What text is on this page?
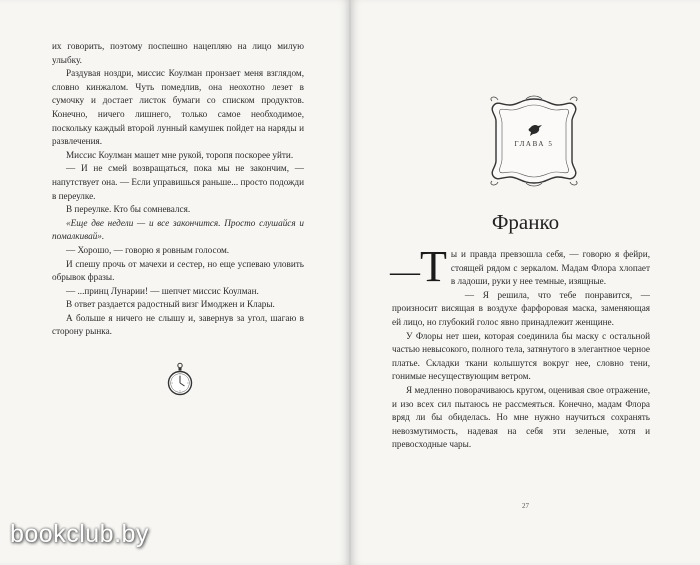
их говорить, поэтому поспешно нацепляю на лицо милую улыбку.

Раздувая ноздри, миссис Коулман пронзает меня взглядом, словно кинжалом. Чуть помедлив, она неохотно лезет в сумочку и достает листок бумаги со списком продуктов. Конечно, ничего лишнего, только самое необходимое, поскольку каждый второй лунный камушек пойдет на наряды и развлечения.

Миссис Коулман машет мне рукой, торопя поскорее уйти.

— И не смей возвращаться, пока мы не закончим, — напутствует она. — Если управишься раньше... просто подожди в переулке.

В переулке. Кто бы сомневался.

«Еще две недели — и все закончится. Просто слушайся и помалкивай».

— Хорошо, — говорю я ровным голосом.

И спешу прочь от мачехи и сестер, но еще успеваю уловить обрывок фразы.

— ...принц Лунарии! — шепчет миссис Коулман.

В ответ раздается радостный визг Имоджен и Клары.

А больше я ничего не слышу и, завернув за угол, шагаю в сторону рынка.

bookclub.by
ГЛАВА 5
Франко

—Т ы и правда превзошла себя, — говорю я фейри, стоящей рядом с зеркалом. Мадам Флора хлопает в ладоши, руки у нее темные, изящные.

— Я решила, что тебе понравится, — произносит висящая в воздухе фарфоровая маска, заменяющая ей лицо, но глубокий голос явно принадлежит женщине.

У Флоры нет шеи, которая соединила бы маску с остальной частью невысокого, полного тела, затянутого в элегантное черное платье. Складки ткани колышутся вокруг нее, словно тени, гонимые несуществующим ветром.

Я медленно поворачиваюсь кругом, оценивая свое отражение, и изо всех сил пытаюсь не рассмеяться. Конечно, мадам Флора вряд ли бы обиделась. Но мне нужно научиться сохранять невозмутимость, надевая на себя эти зеленые, хотя и превосходные чары.

27
